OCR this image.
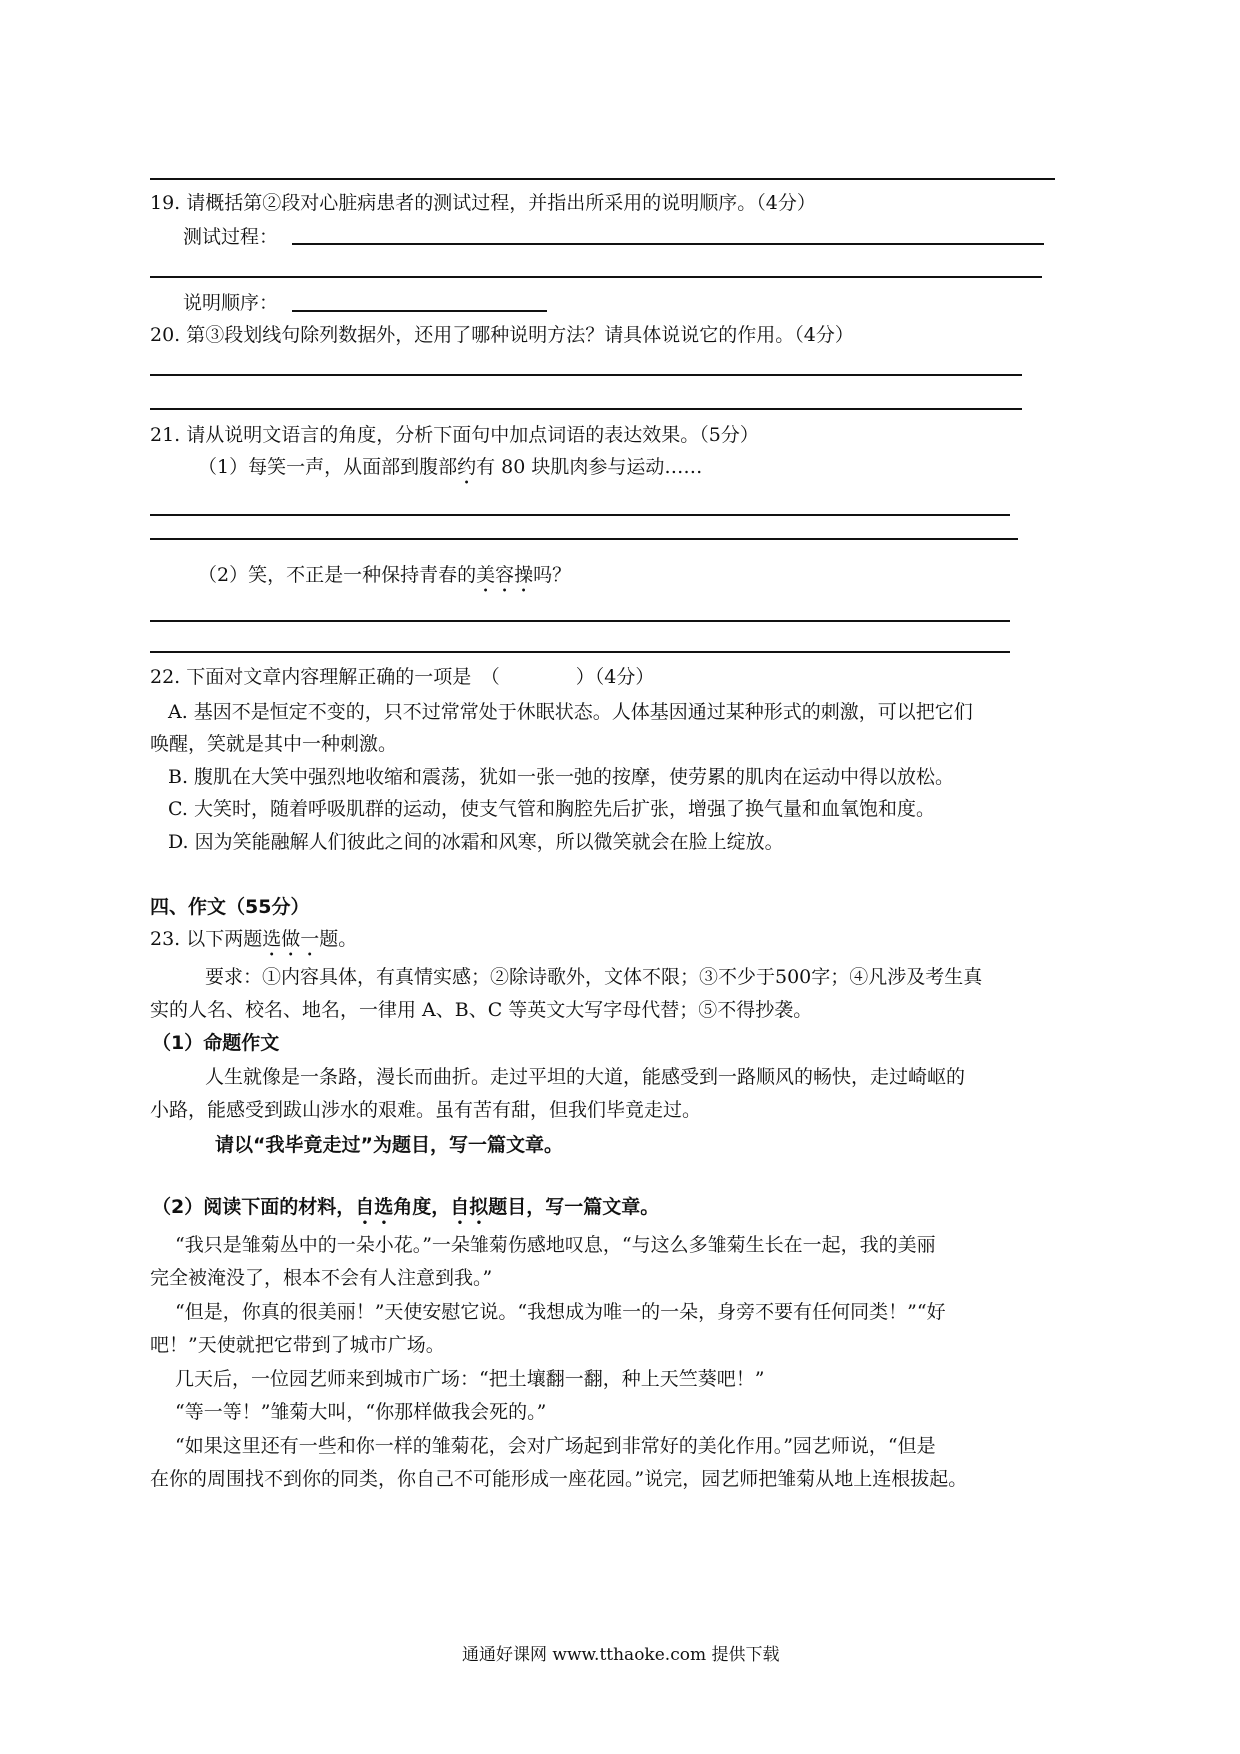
19. 请概括第②段对心脏病患者的测试过程，并指出所采用的说明顺序。（4分）
测试过程：
说明顺序：
20. 第③段划线句除列数据外，还用了哪种说明方法？请具体说说它的作用。（4分）
21. 请从说明文语言的角度，分析下面句中加点词语的表达效果。（5分）
（1）每笑一声，从面部到腹部约有 80 块肌肉参与运动……
（2）笑，不正是一种保持青春的美容操吗？
22. 下面对文章内容理解正确的一项是　（　　　　）（4分）
A. 基因不是恒定不变的，只不过常常处于休眠状态。人体基因通过某种形式的刺激，可以把它们
唤醒，笑就是其中一种刺激。
B. 腹肌在大笑中强烈地收缩和震荡，犹如一张一弛的按摩，使劳累的肌肉在运动中得以放松。
C. 大笑时，随着呼吸肌群的运动，使支气管和胸腔先后扩张，增强了换气量和血氧饱和度。
D. 因为笑能融解人们彼此之间的冰霜和风寒，所以微笑就会在脸上绽放。
四、作文（55分）
23. 以下两题选做一题。
要求：①内容具体，有真情实感；②除诗歌外，文体不限；③不少于500字；④凡涉及考生真
实的人名、校名、地名，一律用 A、B、C 等英文大写字母代替；⑤不得抄袭。
（1）命题作文
人生就像是一条路，漫长而曲折。走过平坦的大道，能感受到一路顺风的畅快，走过崎岖的
小路，能感受到跋山涉水的艰难。虽有苦有甜，但我们毕竟走过。
请以“我毕竟走过”为题目，写一篇文章。
（2）阅读下面的材料，自选角度，自拟题目，写一篇文章。
“我只是雏菊丛中的一朵小花。”一朵雏菊伤感地叹息，“与这么多雏菊生长在一起，我的美丽
完全被淹没了，根本不会有人注意到我。”
“但是，你真的很美丽！”天使安慰它说。“我想成为唯一的一朵，身旁不要有任何同类！”“好
吧！”天使就把它带到了城市广场。
几天后，一位园艺师来到城市广场：“把土壤翻一翻，种上天竺葵吧！”
“等一等！”雏菊大叫，“你那样做我会死的。”
“如果这里还有一些和你一样的雏菊花，会对广场起到非常好的美化作用。”园艺师说，“但是
在你的周围找不到你的同类，你自己不可能形成一座花园。”说完，园艺师把雏菊从地上连根拔起。
通通好课网 www.tthaoke.com 提供下载
